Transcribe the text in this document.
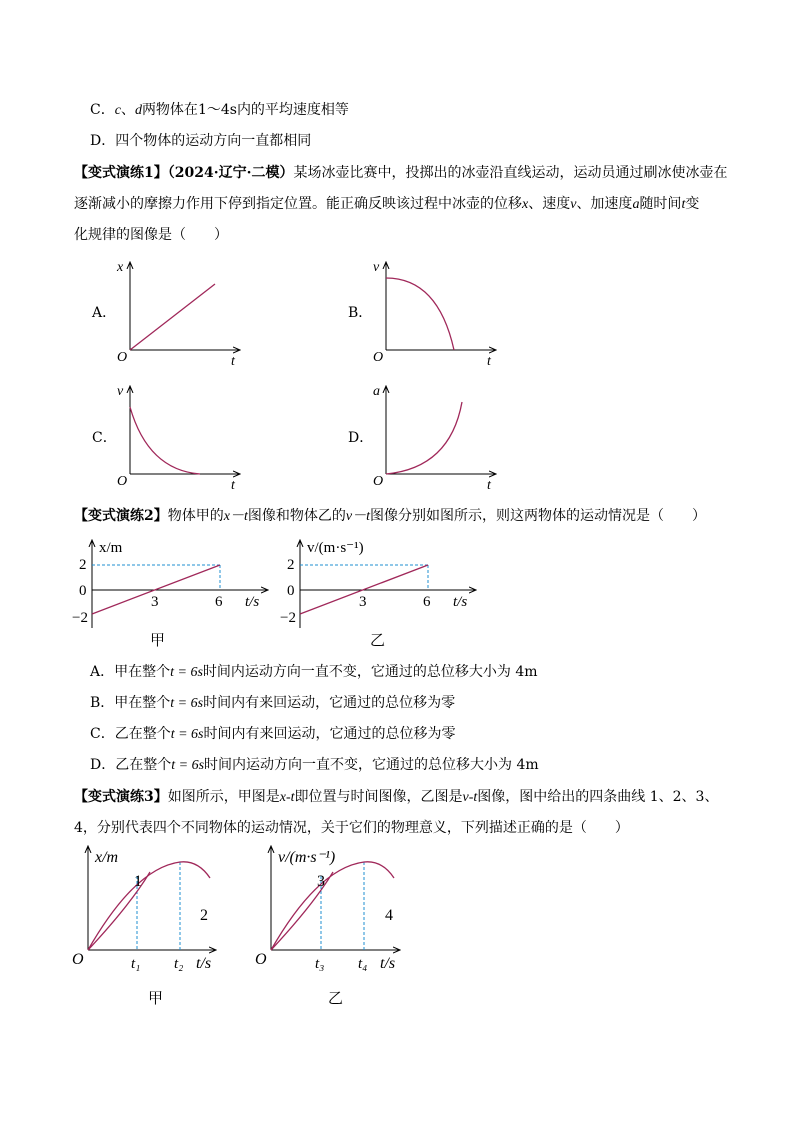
C．c、d两物体在1～4s内的平均速度相等
D．四个物体的运动方向一直都相同
【变式演练1】（2024·辽宁·二模）某场冰壶比赛中，投掷出的冰壶沿直线运动，运动员通过刷冰使冰壶在
逐渐减小的摩擦力作用下停到指定位置。能正确反映该过程中冰壶的位移x、速度v、加速度a随时间t变
化规律的图像是（　　）
A．	B．
C．	D．
【变式演练2】物体甲的x－t图像和物体乙的v－t图像分别如图所示，则这两物体的运动情况是（　　）
A．甲在整个t = 6s时间内运动方向一直不变，它通过的总位移大小为 4m
B．甲在整个t = 6s时间内有来回运动，它通过的总位移为零
C．乙在整个t = 6s时间内有来回运动，它通过的总位移为零
D．乙在整个t = 6s时间内运动方向一直不变，它通过的总位移大小为 4m
【变式演练3】如图所示，甲图是x-t即位置与时间图像，乙图是v-t图像，图中给出的四条曲线 1、2、3、
4，分别代表四个不同物体的运动情况，关于它们的物理意义，下列描述正确的是（　　）
x
O	t
v
O	t
v
O	t
a
O	t
x/m
2
0
−2
3	6 t/s
甲
v/(m·s⁻¹)
2
0
−2
3	6 t/s
乙
x/m
O
1
2
t₁ t₂ t/s
甲
v/(m·s⁻¹)
O
3
4
t₃ t₄ t/s
乙
